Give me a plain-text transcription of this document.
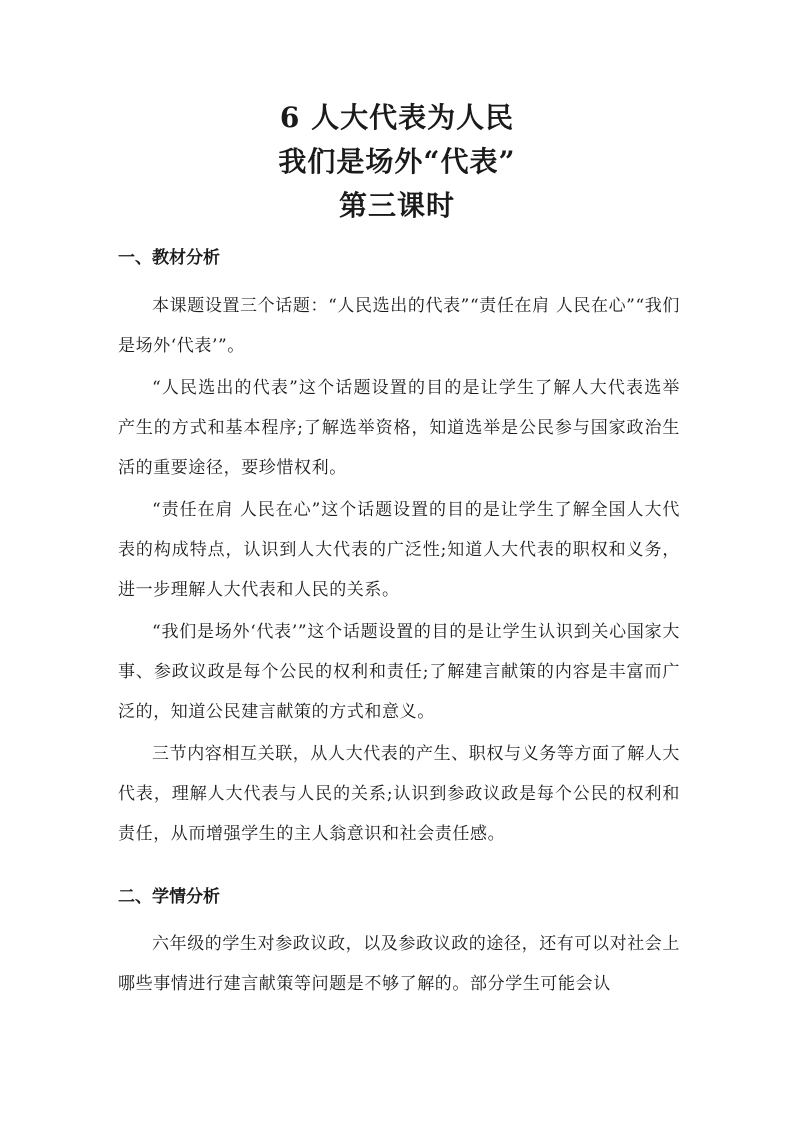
6 人大代表为人民
我们是场外“代表”
第三课时
一、教材分析

本课题设置三个话题：“人民选出的代表”“责任在肩 人民在心”“我们是场外‘代表’”。

“人民选出的代表”这个话题设置的目的是让学生了解人大代表选举产生的方式和基本程序;了解选举资格，知道选举是公民参与国家政治生活的重要途径，要珍惜权利。

“责任在肩 人民在心”这个话题设置的目的是让学生了解全国人大代表的构成特点，认识到人大代表的广泛性;知道人大代表的职权和义务，进一步理解人大代表和人民的关系。

“我们是场外‘代表’”这个话题设置的目的是让学生认识到关心国家大事、参政议政是每个公民的权利和责任;了解建言献策的内容是丰富而广泛的，知道公民建言献策的方式和意义。

三节内容相互关联，从人大代表的产生、职权与义务等方面了解人大代表，理解人大代表与人民的关系;认识到参政议政是每个公民的权利和责任，从而增强学生的主人翁意识和社会责任感。

二、学情分析

六年级的学生对参政议政，以及参政议政的途径，还有可以对社会上哪些事情进行建言献策等问题是不够了解的。部分学生可能会认
